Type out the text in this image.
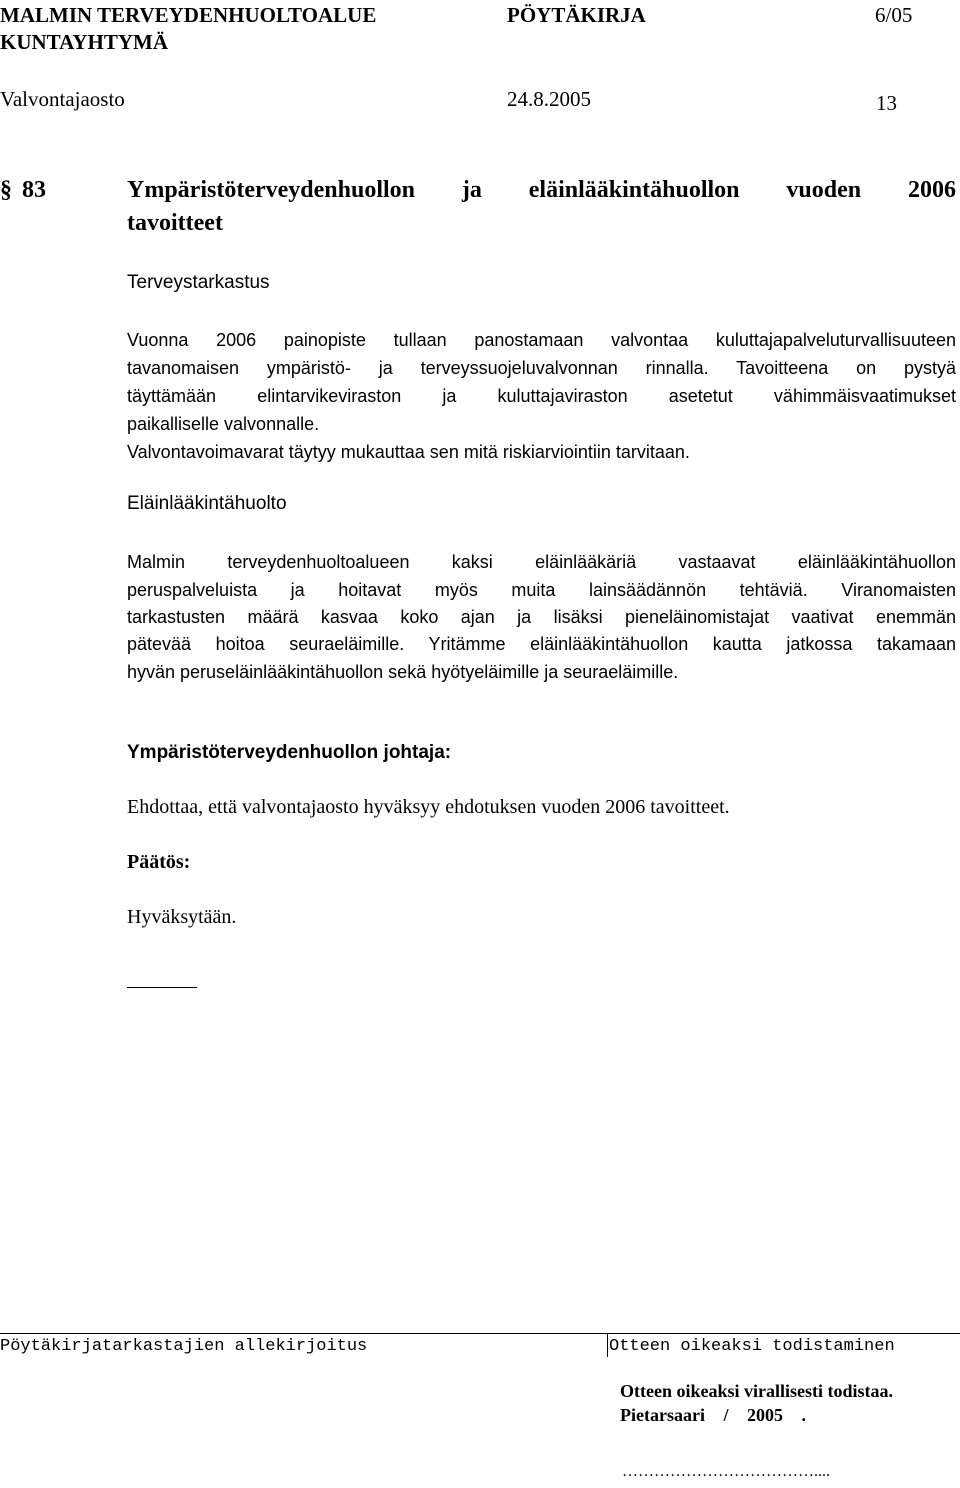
MALMIN TERVEYDENHUOLTOALUE
KUNTAYHTYMÄ
PÖYTÄKIRJA	6/05
Valvontajaosto	24.8.2005	13
§ 83	Ympäristöterveydenhuollon ja eläinlääkintähuollon vuoden 2006
tavoitteet
Terveystarkastus
Vuonna 2006 painopiste tullaan panostamaan valvontaa kuluttajapalveluturvallisuuteen
tavanomaisen ympäristö- ja terveyssuojeluvalvonnan rinnalla. Tavoitteena on pystyä
täyttämään elintarvikeviraston ja kuluttajaviraston asetetut vähimmäisvaatimukset
paikalliselle valvonnalle.
Valvontavoimavarat täytyy mukauttaa sen mitä riskiarviointiin tarvitaan.
Eläinlääkintähuolto
Malmin terveydenhuoltoalueen kaksi eläinlääkäriä vastaavat eläinlääkintähuollon
peruspalveluista ja hoitavat myös muita lainsäädännön tehtäviä. Viranomaisten
tarkastusten määrä kasvaa koko ajan ja lisäksi pieneläinomistajat vaativat enemmän
pätevää hoitoa seuraeläimille. Yritämme eläinlääkintähuollon kautta jatkossa takamaan
hyvän peruseläinlääkintähuollon sekä hyötyeläimille ja seuraeläimille.
Ympäristöterveydenhuollon johtaja:
Ehdottaa, että valvontajaosto hyväksyy ehdotuksen vuoden 2006 tavoitteet.
Päätös:
Hyväksytään.
Pöytäkirjatarkastajien allekirjoitus	Otteen oikeaksi todistaminen
Otteen oikeaksi virallisesti todistaa.
Pietarsaari / 2005 .
………………………………....
